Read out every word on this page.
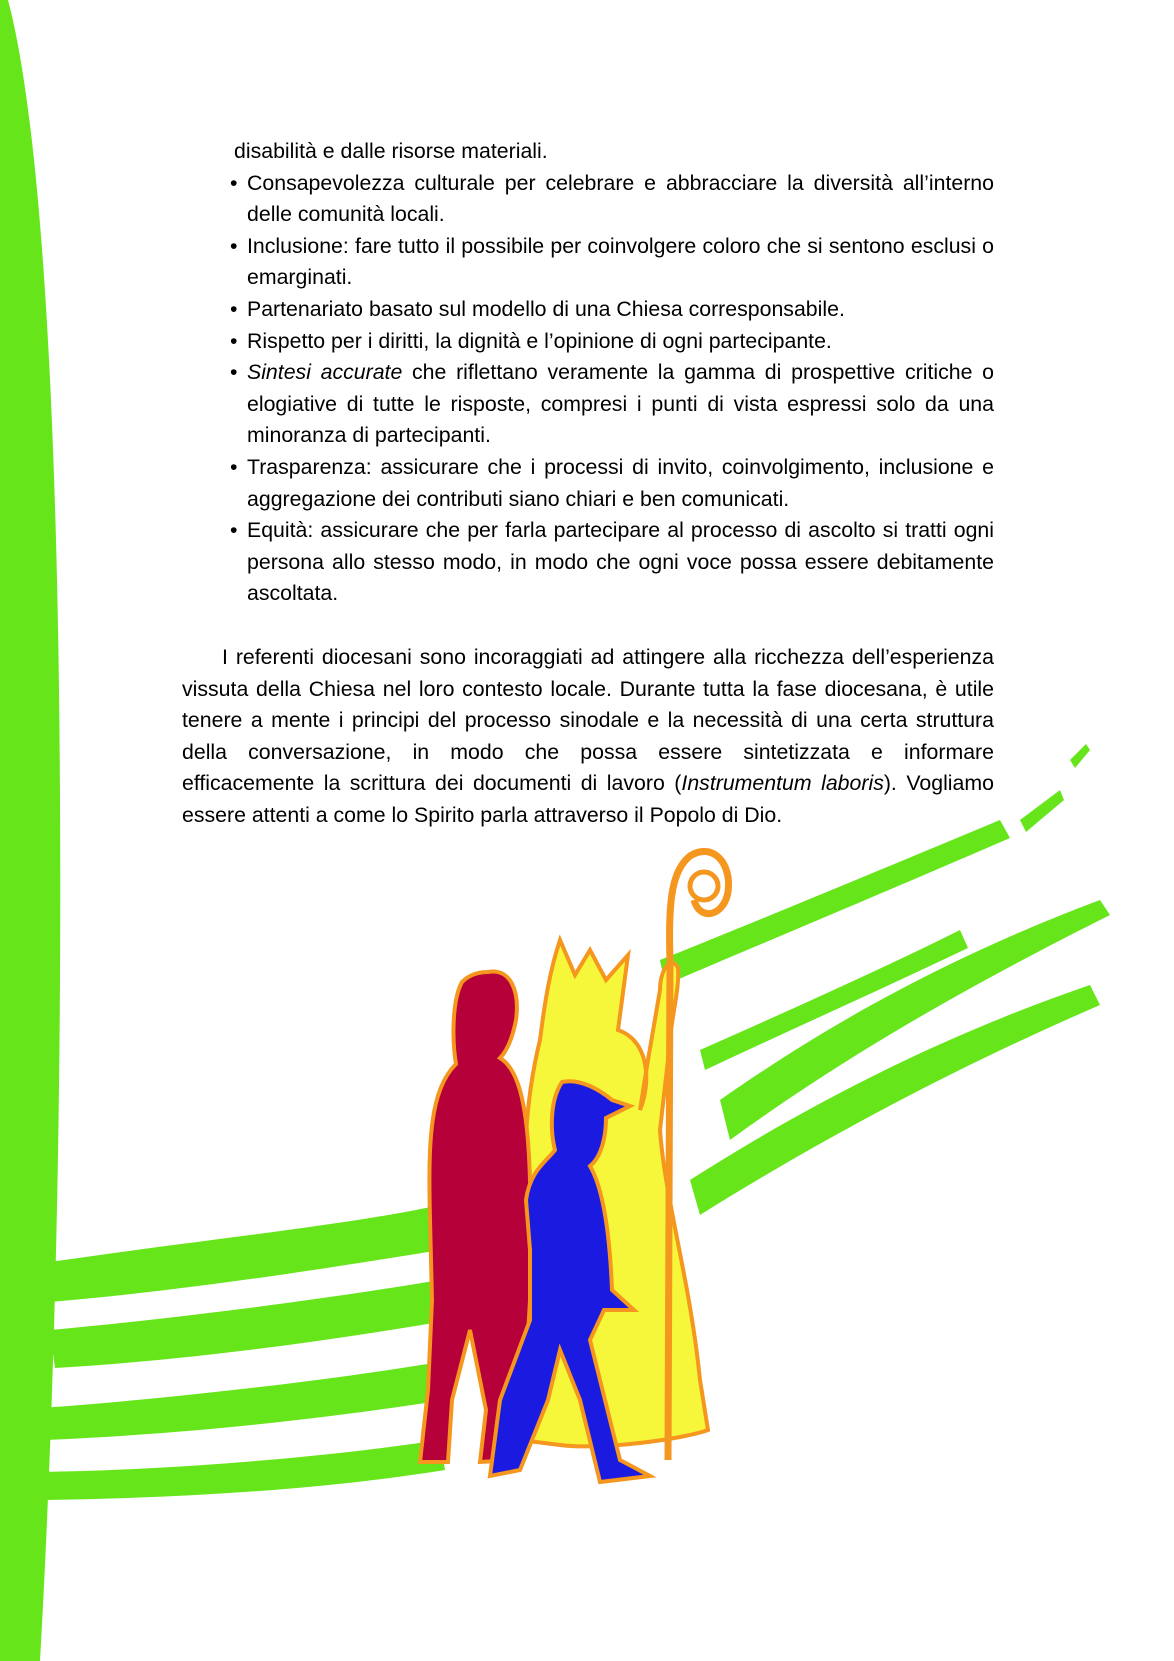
disabilità e dalle risorse materiali.
• Consapevolezza culturale per celebrare e abbracciare la diversità all’interno delle comunità locali.
• Inclusione: fare tutto il possibile per coinvolgere coloro che si sentono esclusi o emarginati.
• Partenariato basato sul modello di una Chiesa corresponsabile.
• Rispetto per i diritti, la dignità e l’opinione di ogni partecipante.
• Sintesi accurate che riflettano veramente la gamma di prospettive critiche o elogiative di tutte le risposte, compresi i punti di vista espressi solo da una minoranza di partecipanti.
• Trasparenza: assicurare che i processi di invito, coinvolgimento, inclusione e aggregazione dei contributi siano chiari e ben comunicati.
• Equità: assicurare che per farla partecipare al processo di ascolto si tratti ogni persona allo stesso modo, in modo che ogni voce possa essere debitamente ascoltata.

I referenti diocesani sono incoraggiati ad attingere alla ricchezza dell’esperienza vissuta della Chiesa nel loro contesto locale. Durante tutta la fase diocesana, è utile tenere a mente i principi del processo sinodale e la necessità di una certa struttura della conversazione, in modo che possa essere sintetizzata e informare efficacemente la scrittura dei documenti di lavoro (Instrumentum laboris). Vogliamo essere attenti a come lo Spirito parla attraverso il Popolo di Dio.
